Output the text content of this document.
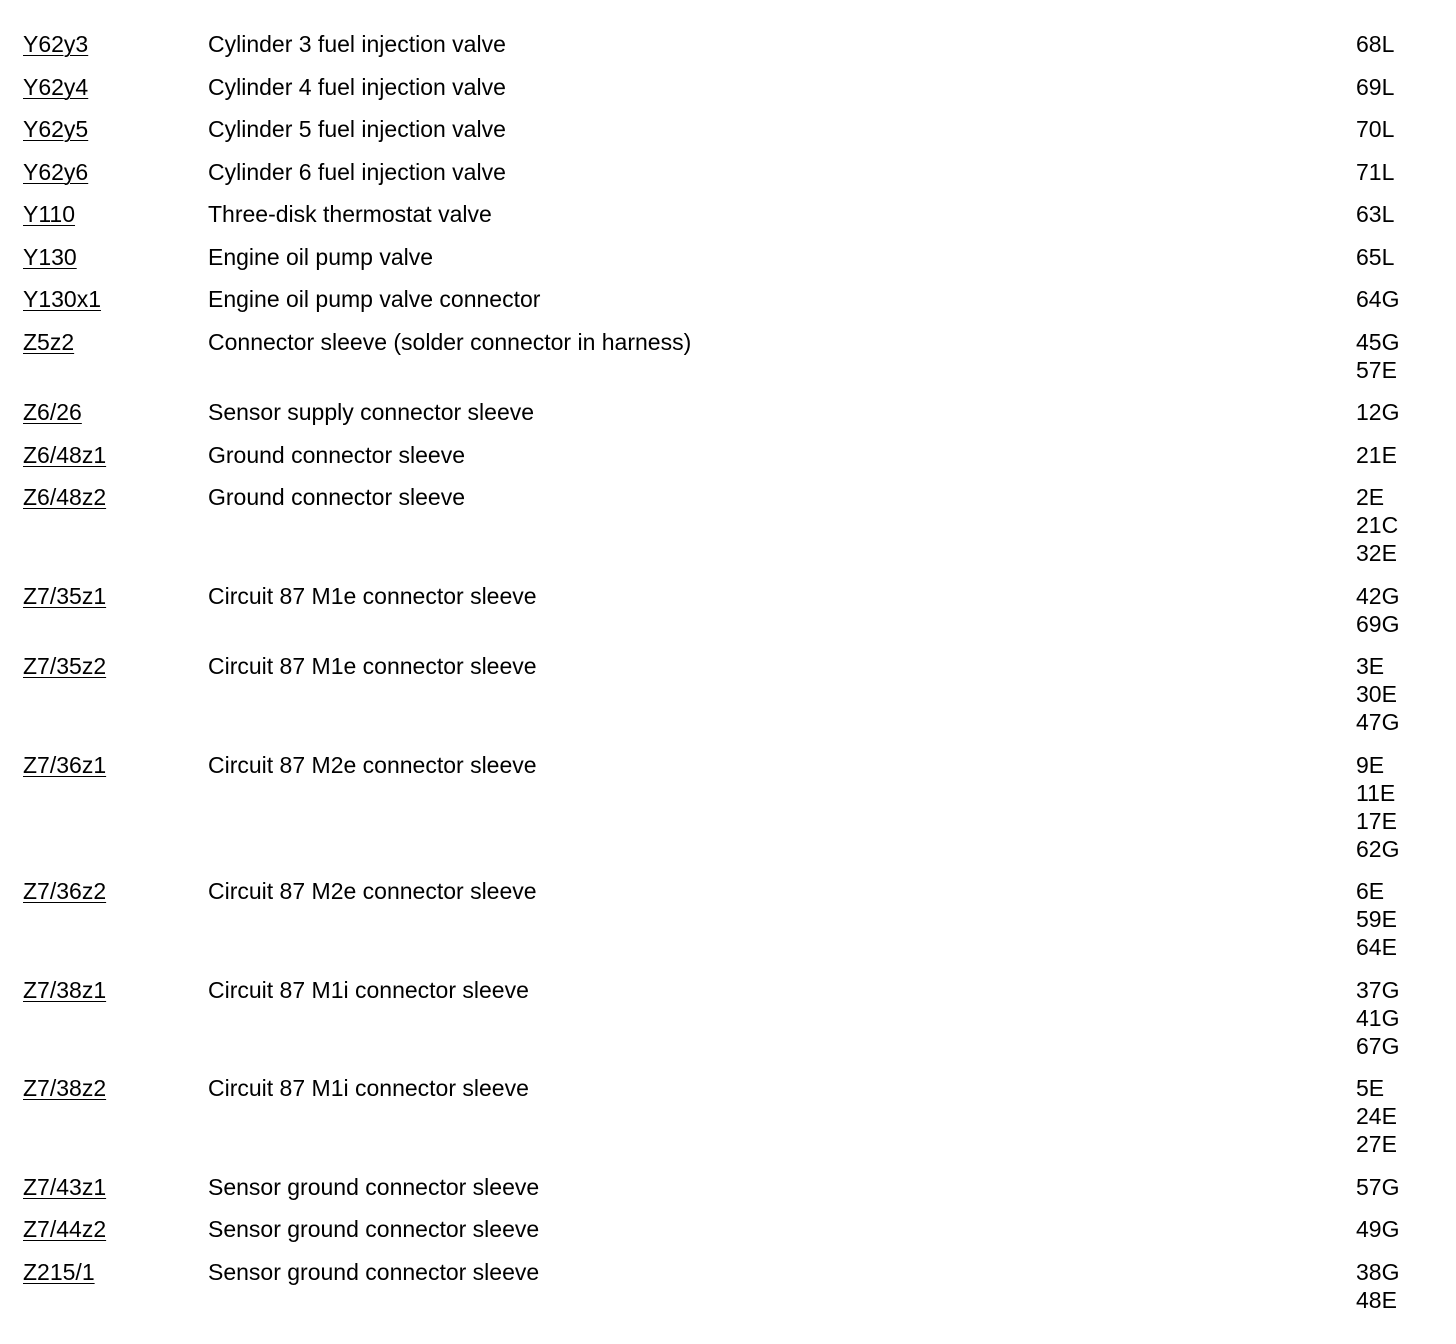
Y62y3	Cylinder 3 fuel injection valve	68L
Y62y4	Cylinder 4 fuel injection valve	69L
Y62y5	Cylinder 5 fuel injection valve	70L
Y62y6	Cylinder 6 fuel injection valve	71L
Y110	Three-disk thermostat valve	63L
Y130	Engine oil pump valve	65L
Y130x1	Engine oil pump valve connector	64G
Z5z2	Connector sleeve (solder connector in harness)	45G
57E
Z6/26	Sensor supply connector sleeve	12G
Z6/48z1	Ground connector sleeve	21E
Z6/48z2	Ground connector sleeve	2E
21C
32E
Z7/35z1	Circuit 87 M1e connector sleeve	42G
69G
Z7/35z2	Circuit 87 M1e connector sleeve	3E
30E
47G
Z7/36z1	Circuit 87 M2e connector sleeve	9E
11E
17E
62G
Z7/36z2	Circuit 87 M2e connector sleeve	6E
59E
64E
Z7/38z1	Circuit 87 M1i connector sleeve	37G
41G
67G
Z7/38z2	Circuit 87 M1i connector sleeve	5E
24E
27E
Z7/43z1	Sensor ground connector sleeve	57G
Z7/44z2	Sensor ground connector sleeve	49G
Z215/1	Sensor ground connector sleeve	38G
48E
